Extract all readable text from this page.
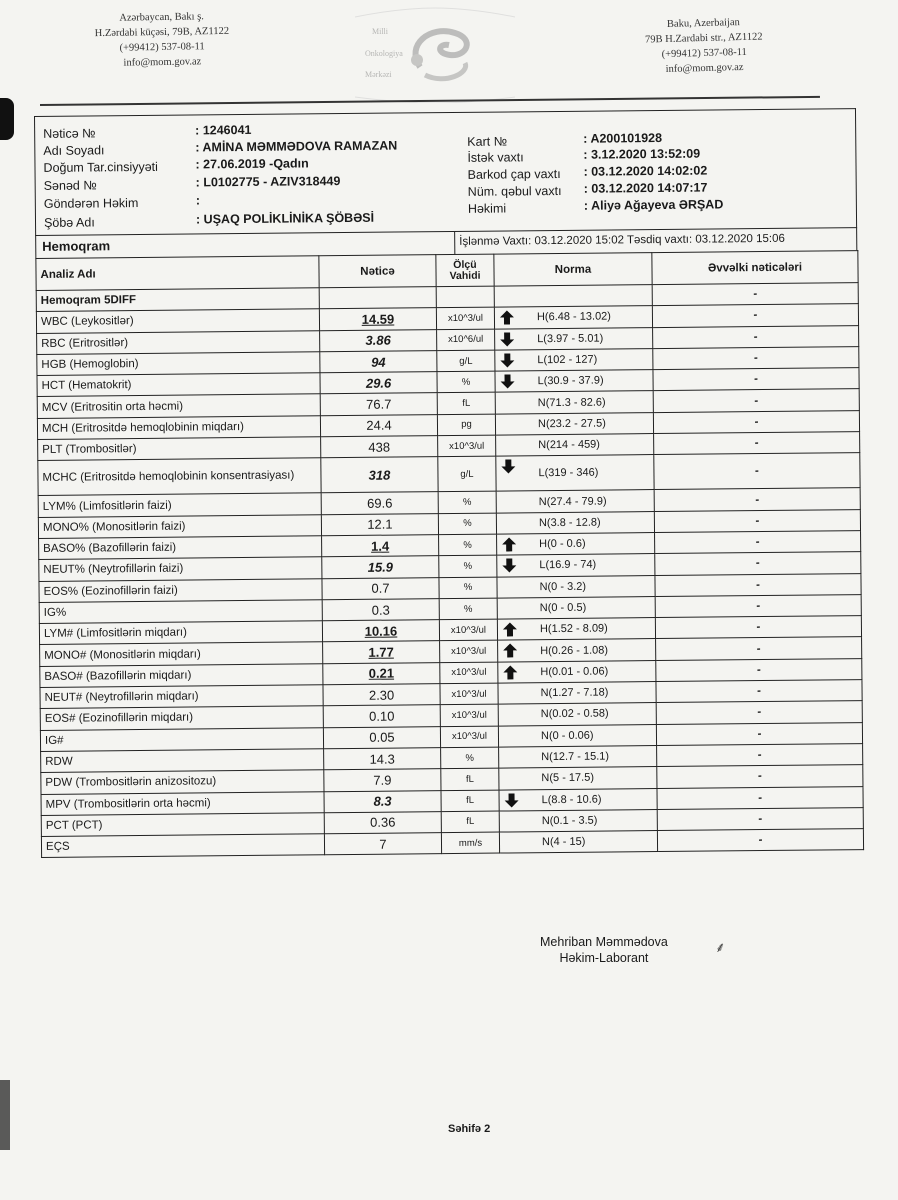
Azərbaycan, Bakı ş.
H.Zərdabi küçəsi, 79B, AZ1122
(+99412) 537-08-11
info@mom.gov.az
Milli
Onkologiya
Mərkəzi
Baku, Azerbaijan
79B H.Zardabi str., AZ1122
(+99412) 537-08-11
info@mom.gov.az
Nəticə №	: 1246041
Adı Soyadı	: AMİNA MƏMMƏDOVA RAMAZAN
Doğum Tar.cinsiyyəti	: 27.06.2019 -Qadın
Sənəd №	: L0102775 - AZIV318449
Göndərən Həkim	:
Şöbə Adı	: UŞAQ POLİKLİNİKA ŞÖBƏSİ
Kart №	: A200101928
İstək vaxtı	: 3.12.2020 13:52:09
Barkod çap vaxtı : 03.12.2020 14:02:02
Nüm. qəbul vaxtı : 03.12.2020 14:07:17
Həkimi	: Aliyə Ağayeva ƏRŞAD
Hemoqram	İşlənmə Vaxtı: 03.12.2020 15:02 Təsdiq vaxtı: 03.12.2020 15:06
Analiz Adı	Nəticə	Ölçü Vahidi	Norma	Əvvəlki nəticələri
Hemoqram 5DIFF				-
WBC (Leykositlər)	14.59	x10^3/ul	H(6.48 - 13.02)	-
RBC (Eritrositlər)	3.86	x10^6/ul	L(3.97 - 5.01)	-
HGB (Hemoglobin)	94	g/L	L(102 - 127)	-
HCT (Hematokrit)	29.6	%	L(30.9 - 37.9)	-
MCV (Eritrositin orta həcmi)	76.7	fL	N(71.3 - 82.6)	-
MCH (Eritrositdə hemoqlobinin miqdarı)	24.4	pg	N(23.2 - 27.5)	-
PLT (Trombositlər)	438	x10^3/ul	N(214 - 459)	-
MCHC (Eritrositdə hemoqlobinin konsentrasiyası)	318	g/L	L(319 - 346)	-
LYM% (Limfositlərin faizi)	69.6	%	N(27.4 - 79.9)	-
MONO% (Monositlərin faizi)	12.1	%	N(3.8 - 12.8)	-
BASO% (Bazofillərin faizi)	1.4	%	H(0 - 0.6)	-
NEUT% (Neytrofillərin faizi)	15.9	%	L(16.9 - 74)	-
EOS% (Eozinofillərin faizi)	0.7	%	N(0 - 3.2)	-
IG%	0.3	%	N(0 - 0.5)	-
LYM# (Limfositlərin miqdarı)	10.16	x10^3/ul	H(1.52 - 8.09)	-
MONO# (Monositlərin miqdarı)	1.77	x10^3/ul	H(0.26 - 1.08)	-
BASO# (Bazofillərin miqdarı)	0.21	x10^3/ul	H(0.01 - 0.06)	-
NEUT# (Neytrofillərin miqdarı)	2.30	x10^3/ul	N(1.27 - 7.18)	-
EOS# (Eozinofillərin miqdarı)	0.10	x10^3/ul	N(0.02 - 0.58)	-
IG#	0.05	x10^3/ul	N(0 - 0.06)	-
RDW	14.3	%	N(12.7 - 15.1)	-
PDW (Trombositlərin anizositozu)	7.9	fL	N(5 - 17.5)	-
MPV (Trombositlərin orta həcmi)	8.3	fL	L(8.8 - 10.6)	-
PCT (PCT)	0.36	fL	N(0.1 - 3.5)	-
EÇS	7	mm/s	N(4 - 15)	-
Mehriban Məmmədova
Həkim-Laborant
⸙
Səhifə 2
